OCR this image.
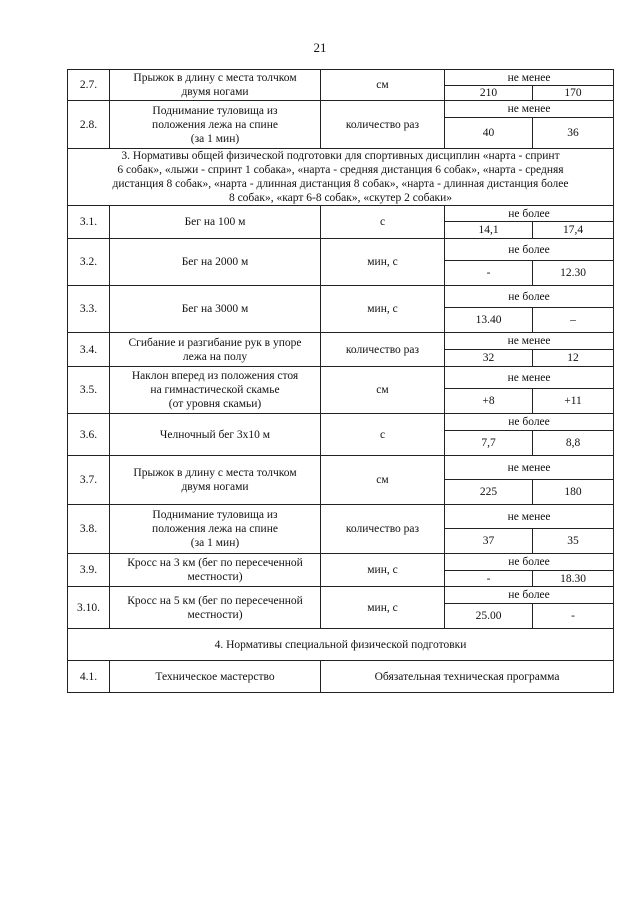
21
2.7.	Прыжок в длину с места толчком
двумя ногами	см	не менее	
			210	170
2.8.	Поднимание туловища из
положения лежа на спине
(за 1 мин)	количество раз	не менее	
			40	36

3. Нормативы общей физической подготовки для спортивных дисциплин «нарта - спринт
6 собак», «лыжи - спринт 1 собака», «нарта - средняя дистанция 6 собак», «нарта - средняя
дистанция 8 собак», «нарта - длинная дистанция 8 собак», «нарта - длинная дистанция более
8 собак», «карт 6-8 собак», «скутер 2 собаки»				

3.1.	Бег на 100 м	с	не более	
			14,1	17,4
3.2.	Бег на 2000 м	мин, с	не более	
			-	12.30
3.3.	Бег на 3000 м	мин, с	не более	
			13.40	–
3.4.	Сгибание и разгибание рук в упоре
лежа на полу	количество раз	не менее	
			32	12
3.5.	Наклон вперед из положения стоя
на гимнастической скамье
(от уровня скамьи)	см	не менее	
			+8	+11
3.6.	Челночный бег 3х10 м	с	не более	
			7,7	8,8
3.7.	Прыжок в длину с места толчком
двумя ногами	см	не менее	
			225	180
3.8.	Поднимание туловища из
положения лежа на спине
(за 1 мин)	количество раз	не менее	
			37	35
3.9.	Кросс на 3 км (бег по пересеченной
местности)	мин, с	не более	
			-	18.30
3.10.	Кросс на 5 км (бег по пересеченной
местности)	мин, с	не более	
			25.00	-
4. Нормативы специальной физической подготовки				
4.1.	Техническое мастерство	Обязательная техническая программа		
